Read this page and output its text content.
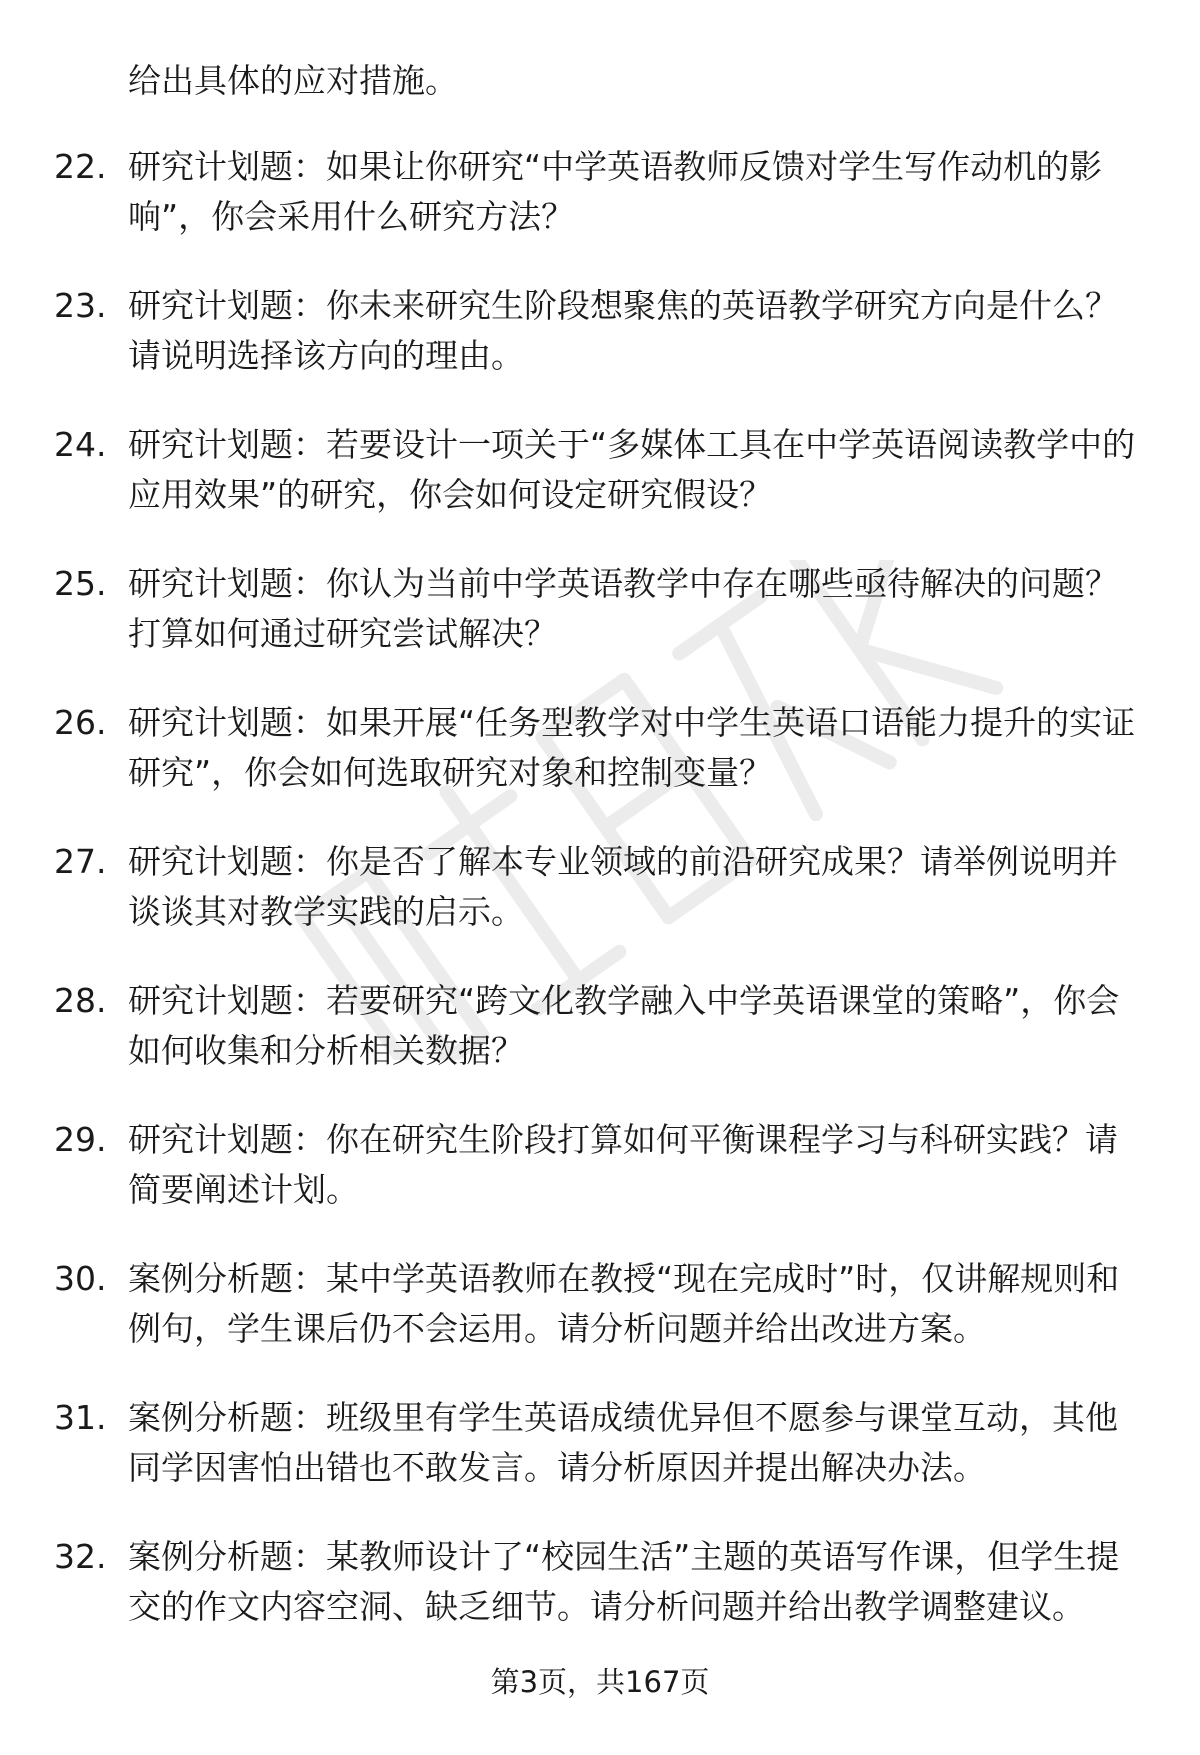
给出具体的应对措施。
22. 研究计划题：如果让你研究“中学英语教师反馈对学生写作动机的影响”，你会采用什么研究方法？
23. 研究计划题：你未来研究生阶段想聚焦的英语教学研究方向是什么？请说明选择该方向的理由。
24. 研究计划题：若要设计一项关于“多媒体工具在中学英语阅读教学中的应用效果”的研究，你会如何设定研究假设？
25. 研究计划题：你认为当前中学英语教学中存在哪些亟待解决的问题？打算如何通过研究尝试解决？
26. 研究计划题：如果开展“任务型教学对中学生英语口语能力提升的实证研究”，你会如何选取研究对象和控制变量？
27. 研究计划题：你是否了解本专业领域的前沿研究成果？请举例说明并谈谈其对教学实践的启示。
28. 研究计划题：若要研究“跨文化教学融入中学英语课堂的策略”，你会如何收集和分析相关数据？
29. 研究计划题：你在研究生阶段打算如何平衡课程学习与科研实践？请简要阐述计划。
30. 案例分析题：某中学英语教师在教授“现在完成时”时，仅讲解规则和例句，学生课后仍不会运用。请分析问题并给出改进方案。
31. 案例分析题：班级里有学生英语成绩优异但不愿参与课堂互动，其他同学因害怕出错也不敢发言。请分析原因并提出解决办法。
32. 案例分析题：某教师设计了“校园生活”主题的英语写作课，但学生提交的作文内容空洞、缺乏细节。请分析问题并给出教学调整建议。
第3页，共167页
